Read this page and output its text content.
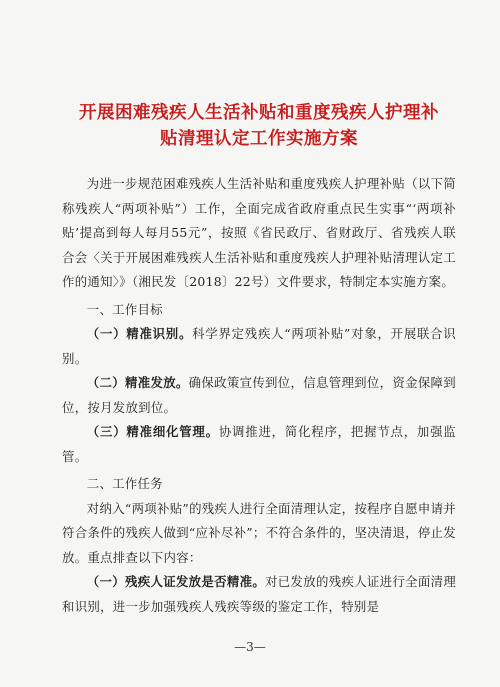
开展困难残疾人生活补贴和重度残疾人护理补
贴清理认定工作实施方案

为进一步规范困难残疾人生活补贴和重度残疾人护理补贴（以下简称残疾人“两项补贴”）工作，全面完成省政府重点民生实事“‘两项补贴’提高到每人每月55元”，按照《省民政厅、省财政厅、省残疾人联合会〈关于开展困难残疾人生活补贴和重度残疾人护理补贴清理认定工作的通知〉》（湘民发〔2018〕22号）文件要求，特制定本实施方案。

一、工作目标

（一）精准识别。科学界定残疾人“两项补贴”对象，开展联合识别。

（二）精准发放。确保政策宣传到位，信息管理到位，资金保障到位，按月发放到位。

（三）精准细化管理。协调推进，简化程序，把握节点，加强监管。

二、工作任务

对纳入“两项补贴”的残疾人进行全面清理认定，按程序自愿申请并符合条件的残疾人做到“应补尽补”；不符合条件的，坚决清退，停止发放。重点排查以下内容：

（一）残疾人证发放是否精准。对已发放的残疾人证进行全面清理和识别，进一步加强残疾人残疾等级的鉴定工作，特别是

—3—
